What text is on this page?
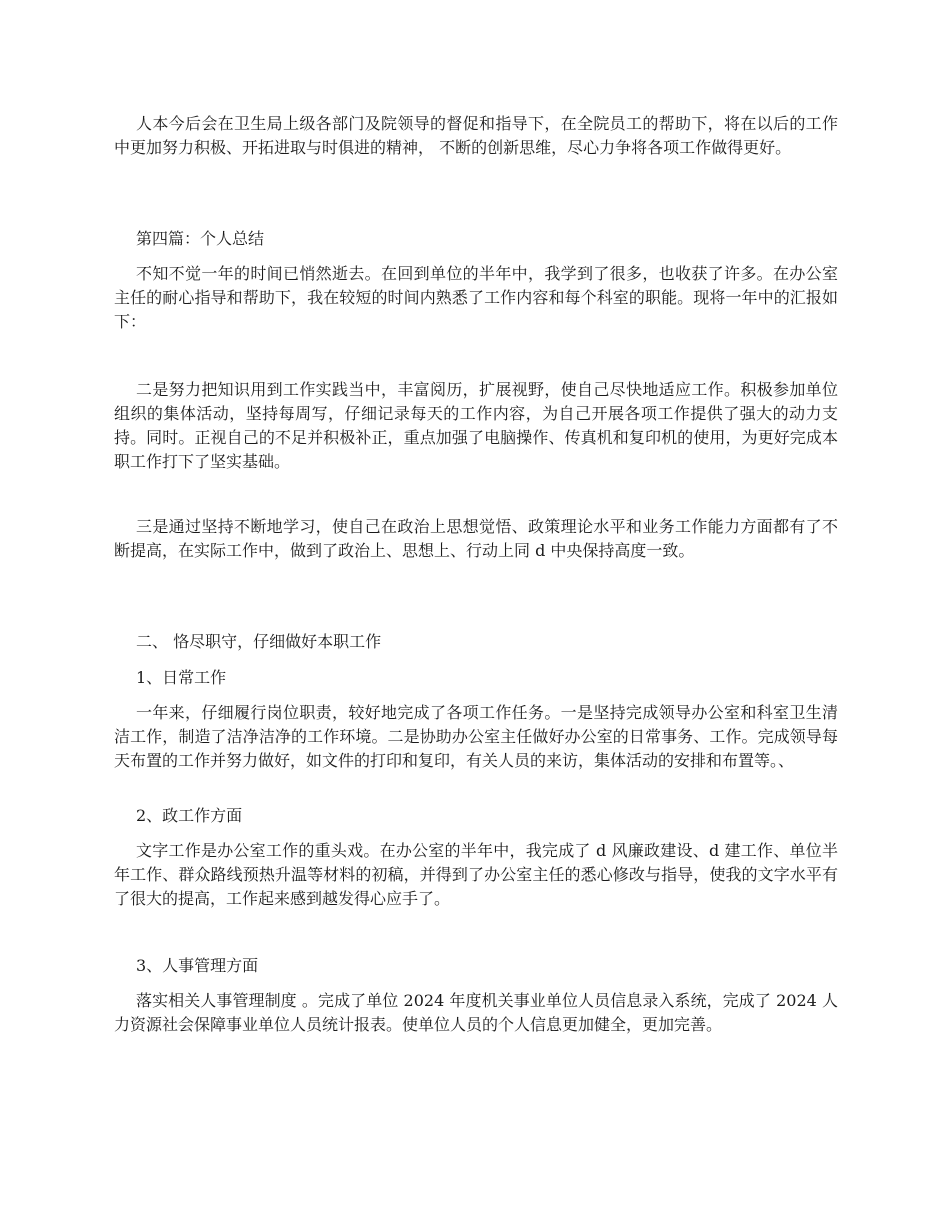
人本今后会在卫生局上级各部门及院领导的督促和指导下，在全院员工的帮助下，将在以后的工作中更加努力积极、开拓进取与时俱进的精神， 不断的创新思维，尽心力争将各项工作做得更好。

第四篇：个人总结

不知不觉一年的时间已悄然逝去。在回到单位的半年中，我学到了很多，也收获了许多。在办公室主任的耐心指导和帮助下，我在较短的时间内熟悉了工作内容和每个科室的职能。现将一年中的汇报如下：

二是努力把知识用到工作实践当中，丰富阅历，扩展视野，使自己尽快地适应工作。积极参加单位组织的集体活动，坚持每周写，仔细记录每天的工作内容，为自己开展各项工作提供了强大的动力支持。同时。正视自己的不足并积极补正，重点加强了电脑操作、传真机和复印机的使用，为更好完成本职工作打下了坚实基础。

三是通过坚持不断地学习，使自己在政治上思想觉悟、政策理论水平和业务工作能力方面都有了不断提高，在实际工作中，做到了政治上、思想上、行动上同 d 中央保持高度一致。

二、 恪尽职守，仔细做好本职工作

1、日常工作

一年来，仔细履行岗位职责，较好地完成了各项工作任务。一是坚持完成领导办公室和科室卫生清洁工作，制造了洁净洁净的工作环境。二是协助办公室主任做好办公室的日常事务、工作。完成领导每天布置的工作并努力做好，如文件的打印和复印，有关人员的来访，集体活动的安排和布置等。、

2、政工作方面

文字工作是办公室工作的重头戏。在办公室的半年中，我完成了 d 风廉政建设、d 建工作、单位半年工作、群众路线预热升温等材料的初稿，并得到了办公室主任的悉心修改与指导，使我的文字水平有了很大的提高，工作起来感到越发得心应手了。

3、人事管理方面

落实相关人事管理制度 。完成了单位 2024 年度机关事业单位人员信息录入系统，完成了 2024 人力资源社会保障事业单位人员统计报表。使单位人员的个人信息更加健全，更加完善。
